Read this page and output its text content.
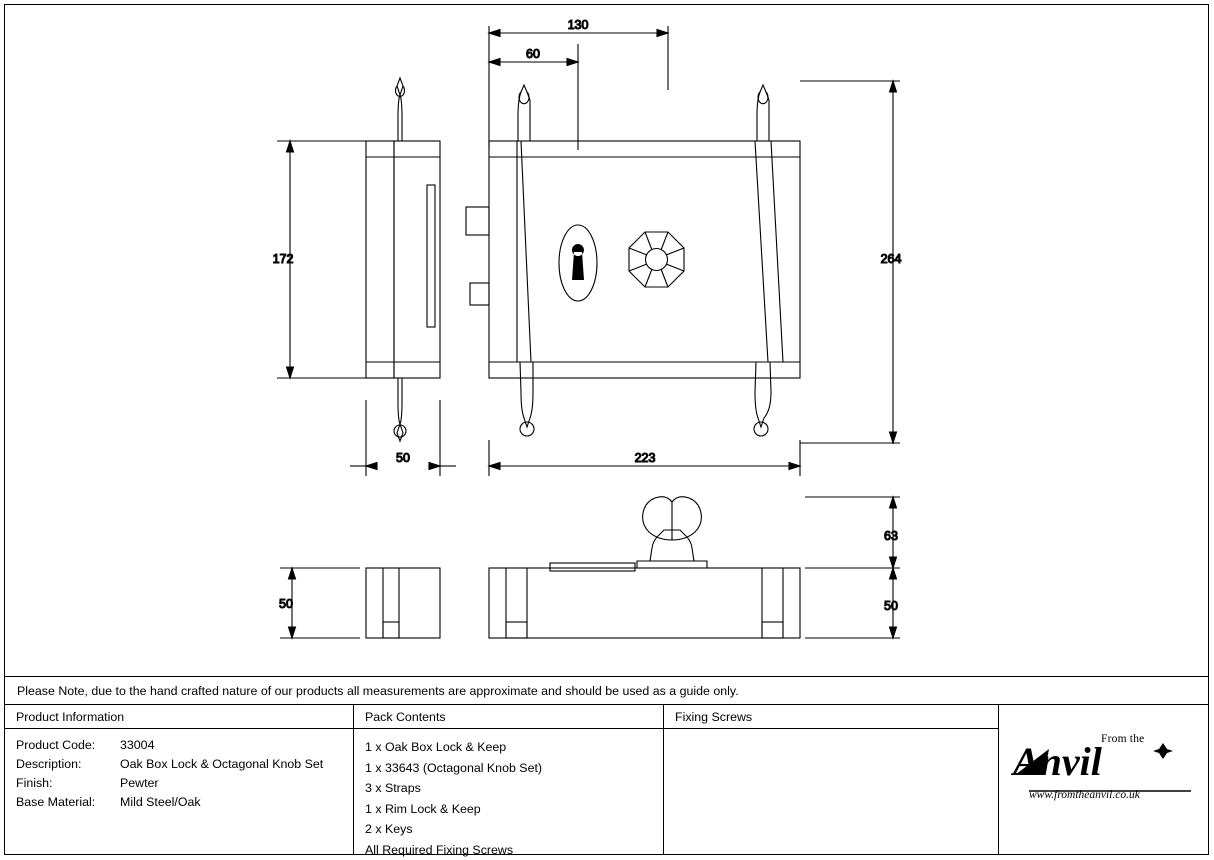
130
60
172	264
50	223
50
63
50
Please Note, due to the hand crafted nature of our products all measurements are approximate and should be used as a guide only.
Product Information
Product Code:	33004
Description:	Oak Box Lock & Octagonal Knob Set
Finish:	Pewter
Base Material:	Mild Steel/Oak
Pack Contents
1 x Oak Box Lock & Keep
1 x 33643 (Octagonal Knob Set)
3 x Straps
1 x Rim Lock & Keep
2 x Keys
All Required Fixing Screws
Fixing Screws
From the
Anvil
www.fromtheanvil.co.uk
